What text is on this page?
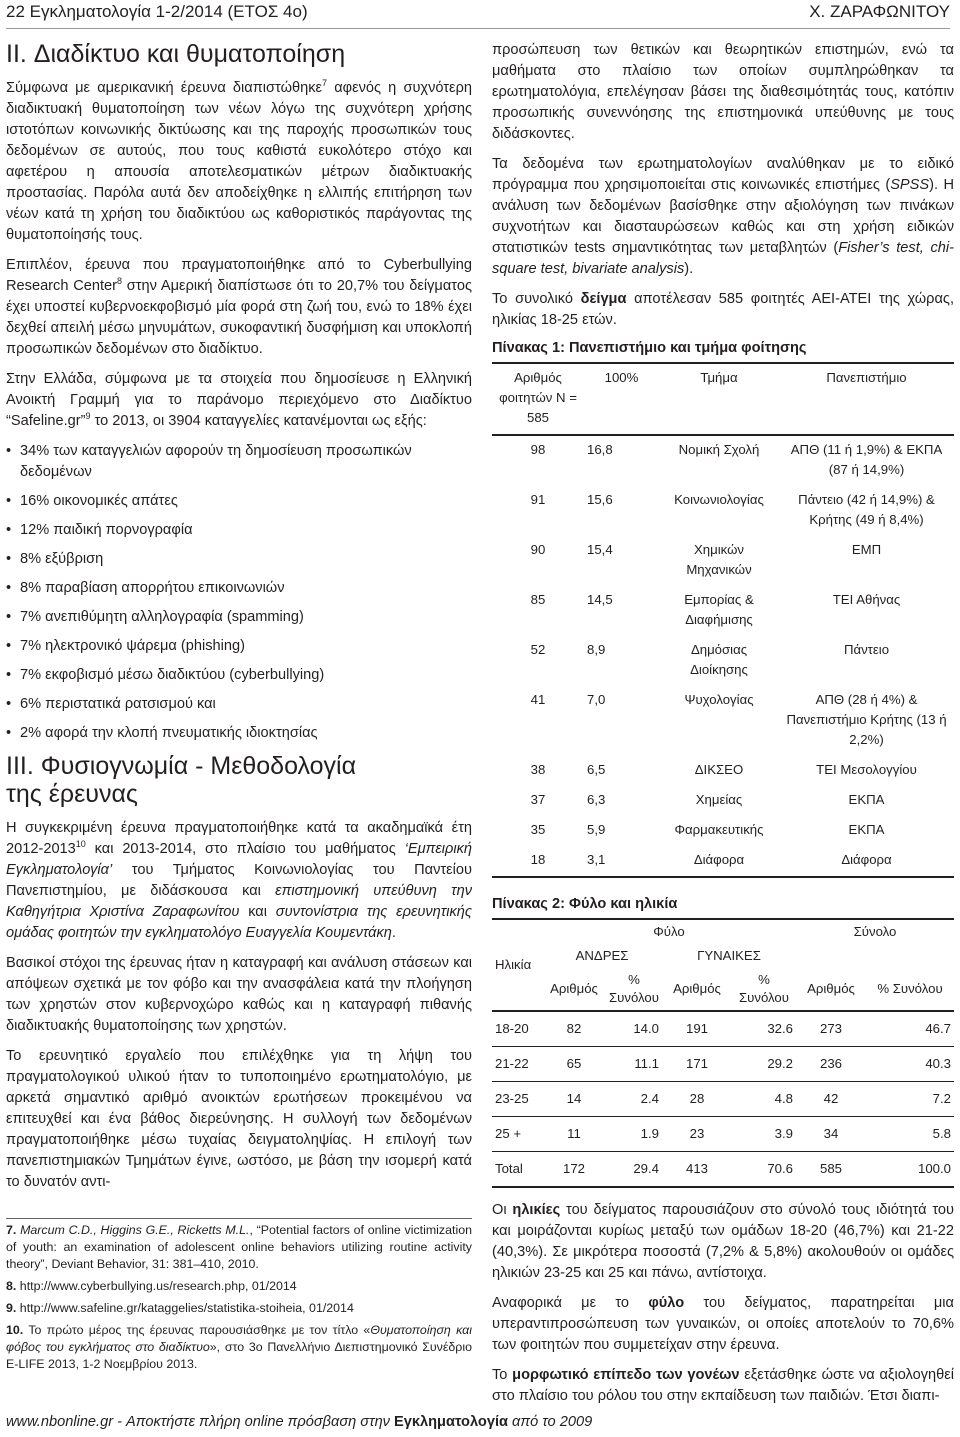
22 Εγκληματολογία 1-2/2014 (ΕΤΟΣ 4ο)	Χ. ΖΑΡΑΦΩΝΙΤΟΥ
II. Διαδίκτυο και θυματοποίηση

Σύμφωνα με αμερικανική έρευνα διαπιστώθηκε$^7$ αφενός η συχνότερη διαδικτυακή θυματοποίηση των νέων λόγω της συχνότερη χρήσης ιστοτόπων κοινωνικής δικτύωσης και της παροχής προσωπικών τους δεδομένων σε αυτούς, που τους καθιστά ευκολότερο στόχο και αφετέρου η απουσία αποτελεσματικών μέτρων διαδικτυακής προστασίας. Παρόλα αυτά δεν αποδείχθηκε η ελλιπής επιτήρηση των νέων κατά τη χρήση του διαδικτύου ως καθοριστικός παράγοντας της θυματοποίησής τους.

Επιπλέον, έρευνα που πραγματοποιήθηκε από το Cyberbullying Research Center$^8$ στην Αμερική διαπίστωσε ότι το 20,7% του δείγματος έχει υποστεί κυβερνοεκφοβισμό μία φορά στη ζωή του, ενώ το 18% έχει δεχθεί απειλή μέσω μηνυμάτων, συκοφαντική δυσφήμιση και υποκλοπή προσωπικών δεδομένων στο διαδίκτυο.

Στην Ελλάδα, σύμφωνα με τα στοιχεία που δημοσίευσε η Ελληνική Ανοικτή Γραμμή για το παράνομο περιεχόμενο στο Διαδίκτυο “Safeline.gr”$^9$ το 2013, οι 3904 καταγγελίες κατανέμονται ως εξής:

• 34% των καταγγελιών αφορούν τη δημοσίευση προσωπικών δεδομένων
• 16% οικονομικές απάτες
• 12% παιδική πορνογραφία
• 8% εξύβριση
• 8% παραβίαση απορρήτου επικοινωνιών
• 7% ανεπιθύμητη αλληλογραφία (spamming)
• 7% ηλεκτρονικό ψάρεμα (phishing)
• 7% εκφοβισμό μέσω διαδικτύου (cyberbullying)
• 6% περιστατικά ρατσισμού και
• 2% αφορά την κλοπή πνευματικής ιδιοκτησίας
III. Φυσιογνωμία - Μεθοδολογία
της έρευνας

Η συγκεκριμένη έρευνα πραγματοποιήθηκε κατά τα ακαδημαϊκά έτη 2012-2013$^{10}$ και 2013-2014, στο πλαίσιο του μαθήματος ‘Εμπειρική Εγκληματολογία’ του Τμήματος Κοινωνιολογίας του Παντείου Πανεπιστημίου, με διδάσκουσα και επιστημονική υπεύθυνη την Καθηγήτρια Χριστίνα Ζαραφωνίτου και συντονίστρια της ερευνητικής ομάδας φοιτητών την εγκληματολόγο Ευαγγελία Κουμεντάκη.

Βασικοί στόχοι της έρευνας ήταν η καταγραφή και ανάλυση στάσεων και απόψεων σχετικά με τον φόβο και την ανασφάλεια κατά την πλοήγηση των χρηστών στον κυβερνοχώρο καθώς και η καταγραφή πιθανής διαδικτυακής θυματοποίησης των χρηστών.

Το ερευνητικό εργαλείο που επιλέχθηκε για τη λήψη του πραγματολογικού υλικού ήταν το τυποποιημένο ερωτηματολόγιο, με αρκετά σημαντικό αριθμό ανοικτών ερωτήσεων προκειμένου να επιτευχθεί και ένα βάθος διερεύνησης. Η συλλογή των δεδομένων πραγματοποιήθηκε μέσω τυχαίας δειγματοληψίας. Η επιλογή των πανεπιστημιακών Τμημάτων έγινε, ωστόσο, με βάση την ισομερή κατά το δυνατόν αντι-

7. Marcum C.D., Higgins G.E., Ricketts M.L., “Potential factors of online victimization of youth: an examination of adolescent online behaviors utilizing routine activity theory”, Deviant Behavior, 31: 381–410, 2010.
8. http://www.cyberbullying.us/research.php, 01/2014
9. http://www.safeline.gr/kataggelies/statistika-stoiheia, 01/2014
10. Το πρώτο μέρος της έρευνας παρουσιάσθηκε με τον τίτλο «Θυματοποίηση και φόβος του εγκλήματος στο διαδίκτυο», στο 3ο Πανελλήνιο Διεπιστημονικό Συνέδριο E-LIFE 2013, 1-2 Νοεμβρίου 2013.

προσώπευση των θετικών και θεωρητικών επιστημών, ενώ τα μαθήματα στο πλαίσιο των οποίων συμπληρώθηκαν τα ερωτηματολόγια, επελέγησαν βάσει της διαθεσιμότητάς τους, κατόπιν προσωπικής συνεννόησης της επιστημονικά υπεύθυνης με τους διδάσκοντες.

Τα δεδομένα των ερωτηματολογίων αναλύθηκαν με το ειδικό πρόγραμμα που χρησιμοποιείται στις κοινωνικές επιστήμες (SPSS). Η ανάλυση των δεδομένων βασίσθηκε στην αξιολόγηση των πινάκων συχνοτήτων και διασταυρώσεων καθώς και στη χρήση ειδικών στατιστικών tests σημαντικότητας των μεταβλητών (Fisher’s test, chi-square test, bivariate analysis).

Το συνολικό δείγμα αποτέλεσαν 585 φοιτητές ΑΕΙ-ΑΤΕΙ της χώρας, ηλικίας 18-25 ετών.

Πίνακας 1: Πανεπιστήμιο και τμήμα φοίτησης
Αριθμός φοιτητών Ν = 585	100%	Τμήμα	Πανεπιστήμιο
98	16,8	Νομική Σχολή	ΑΠΘ (11 ή 1,9%) & ΕΚΠΑ (87 ή 14,9%)
91	15,6	Κοινωνιολογίας	Πάντειο (42 ή 14,9%) & Κρήτης (49 ή 8,4%)
90	15,4	Χημικών Μηχανικών	ΕΜΠ
85	14,5	Εμπορίας & Διαφήμισης	ΤΕΙ Αθήνας
52	8,9	Δημόσιας Διοίκησης	Πάντειο
41	7,0	Ψυχολογίας	ΑΠΘ (28 ή 4%) & Πανεπιστήμιο Κρήτης (13 ή 2,2%)
38	6,5	ΔΙΚΣΕΟ	ΤΕΙ Μεσολογγίου
37	6,3	Χημείας	ΕΚΠΑ
35	5,9	Φαρμακευτικής	ΕΚΠΑ
18	3,1	Διάφορα	Διάφορα
Πίνακας 2: Φύλο και ηλικία
Ηλικία	Φύλο				Σύνολο	
	ΑΝΔΡΕΣ		ΓΥΝΑΙΚΕΣ			
	Αριθμός	% Συνόλου	Αριθμός	% Συνόλου	Αριθμός	% Συνόλου
18-20	82	14.0	191	32.6	273	46.7
21-22	65	11.1	171	29.2	236	40.3
23-25	14	2.4	28	4.8	42	7.2
25 +	11	1.9	23	3.9	34	5.8
Total	172	29.4	413	70.6	585	100.0

Οι ηλικίες του δείγματος παρουσιάζουν στο σύνολό τους ιδιότητά του και μοιράζονται κυρίως μεταξύ των ομάδων 18-20 (46,7%) και 21-22 (40,3%). Σε μικρότερα ποσοστά (7,2% & 5,8%) ακολουθούν οι ομάδες ηλικιών 23-25 και 25 και πάνω, αντίστοιχα.

Αναφορικά με το φύλο του δείγματος, παρατηρείται μια υπεραντιπροσώπευση των γυναικών, οι οποίες αποτελούν το 70,6% των φοιτητών που συμμετείχαν στην έρευνα.

Το μορφωτικό επίπεδο των γονέων εξετάσθηκε ώστε να αξιολογηθεί στο πλαίσιο του ρόλου του στην εκπαίδευση των παιδιών. Έτσι διαπι-

www.nbonline.gr - Αποκτήστε πλήρη online πρόσβαση στην Εγκληματολογία από το 2009
